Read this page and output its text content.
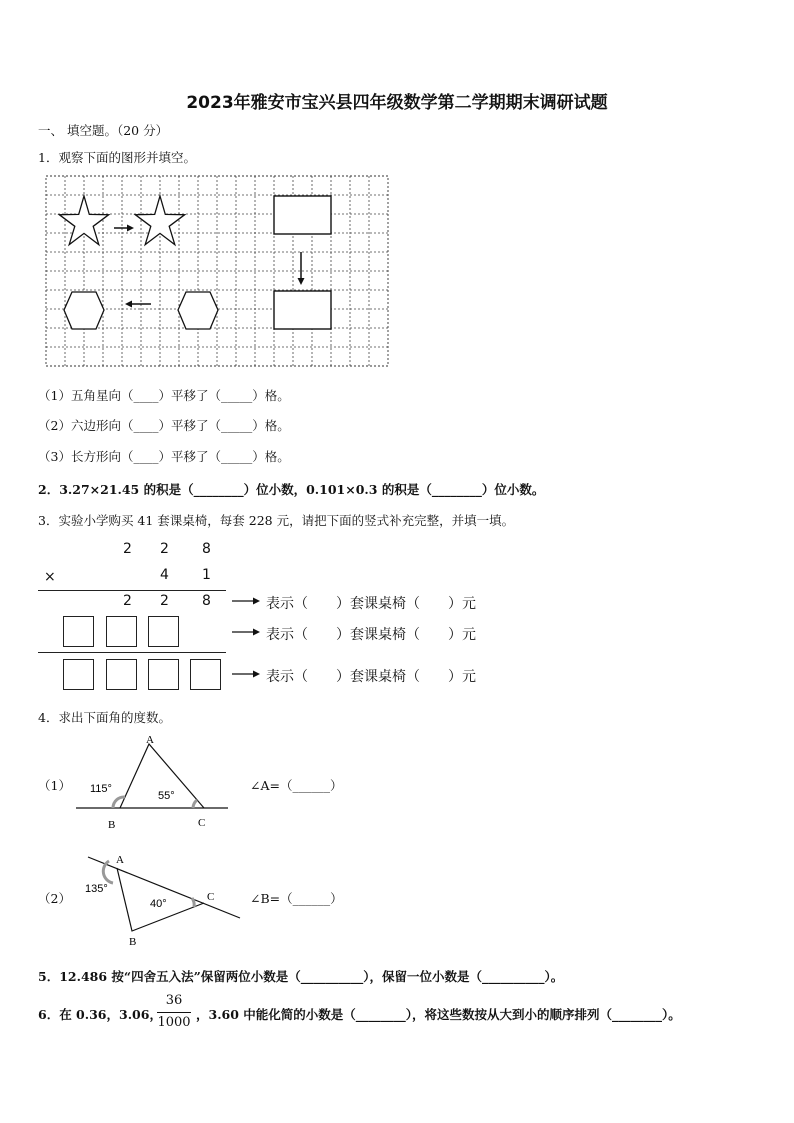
2023年雅安市宝兴县四年级数学第二学期期末调研试题
一、 填空题。（20 分）
1．观察下面的图形并填空。
（1）五角星向（____）平移了（_____）格。
（2）六边形向（____）平移了（_____）格。
（3）长方形向（____）平移了（_____）格。
2．3.27×21.45 的积是（________）位小数，0.101×0.3 的积是（________）位小数。
3．实验小学购买 41 套课桌椅，每套 228 元，请把下面的竖式补充完整，并填一填。
2 2 8
×	4 1
2 2 8	表示（　　）套课桌椅（　　）元
表示（　　）套课桌椅（　　）元
表示（　　）套课桌椅（　　）元
4．求出下面角的度数。
（1）
A
B	C
115°
55°
∠A=（______）
（2）
A
B
C
135°
40°	∠B=（______）
5．12.486 按“四舍五入法”保留两位小数是（__________），保留一位小数是（__________）。
6．在 0.36，3.06，
36
1000
，3.60 中能化简的小数是（________），将这些数按从大到小的顺序排列（________）。
